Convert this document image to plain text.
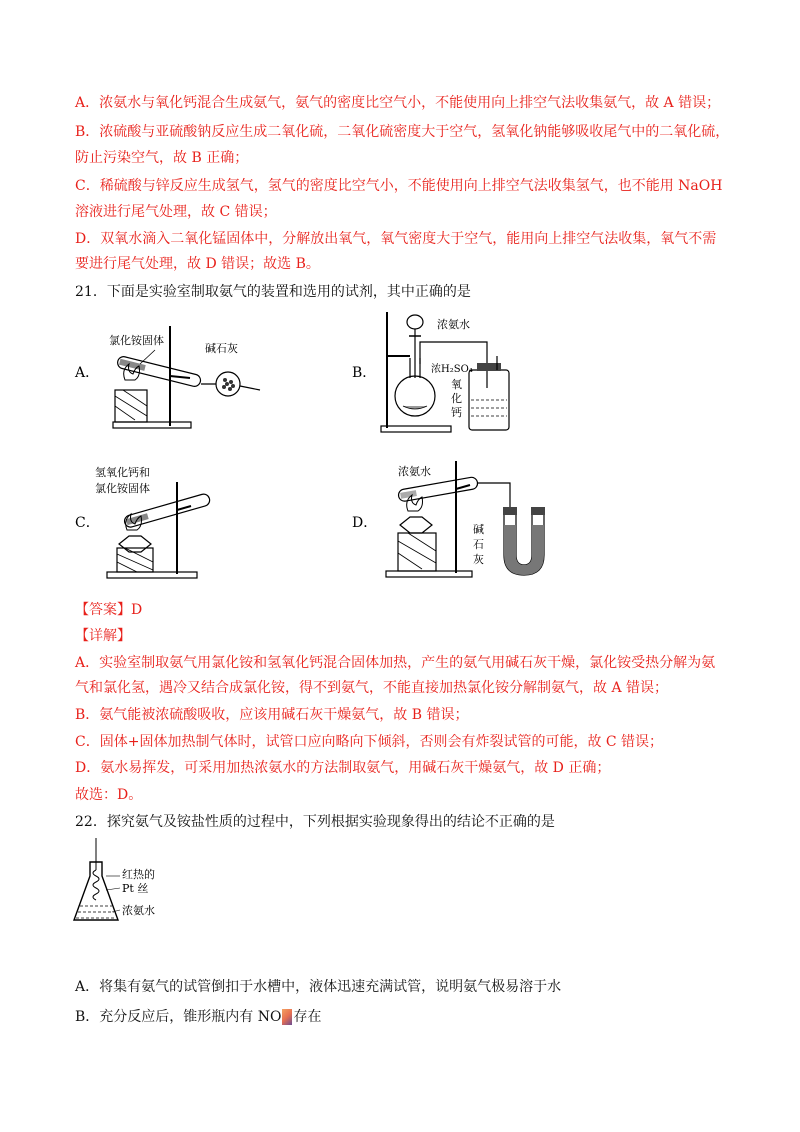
A．浓氨水与氧化钙混合生成氨气，氨气的密度比空气小，不能使用向上排空气法收集氨气，故 A 错误；
B．浓硫酸与亚硫酸钠反应生成二氧化硫，二氧化硫密度大于空气，氢氧化钠能够吸收尾气中的二氧化硫，
防止污染空气，故 B 正确；
C．稀硫酸与锌反应生成氢气，氢气的密度比空气小，不能使用向上排空气法收集氢气，也不能用 NaOH
溶液进行尾气处理，故 C 错误；
D．双氧水滴入二氧化锰固体中，分解放出氧气，氧气密度大于空气，能用向上排空气法收集，氧气不需
要进行尾气处理，故 D 错误；故选 B。
21．下面是实验室制取氨气的装置和选用的试剂，其中正确的是
A．
氯化铵固体
碱石灰
B．
浓氨水
浓H₂SO₄
氧
化
钙
C．
氢氧化钙和
氯化铵固体
D．
浓氨水
碱
石
灰
【答案】D
【详解】
A．实验室制取氨气用氯化铵和氢氧化钙混合固体加热，产生的氨气用碱石灰干燥，氯化铵受热分解为氨
气和氯化氢，遇冷又结合成氯化铵，得不到氨气，不能直接加热氯化铵分解制氨气，故 A 错误；
B．氨气能被浓硫酸吸收，应该用碱石灰干燥氨气，故 B 错误；
C．固体+固体加热制气体时，试管口应向略向下倾斜，否则会有炸裂试管的可能，故 C 错误；
D．氨水易挥发，可采用加热浓氨水的方法制取氨气，用碱石灰干燥氨气，故 D 正确；
故选：D。
22．探究氨气及铵盐性质的过程中，下列根据实验现象得出的结论不正确的是
红热的
Pt 丝
浓氨水
A．将集有氨气的试管倒扣于水槽中，液体迅速充满试管，说明氨气极易溶于水
B．充分反应后，锥形瓶内有 NO 存在
